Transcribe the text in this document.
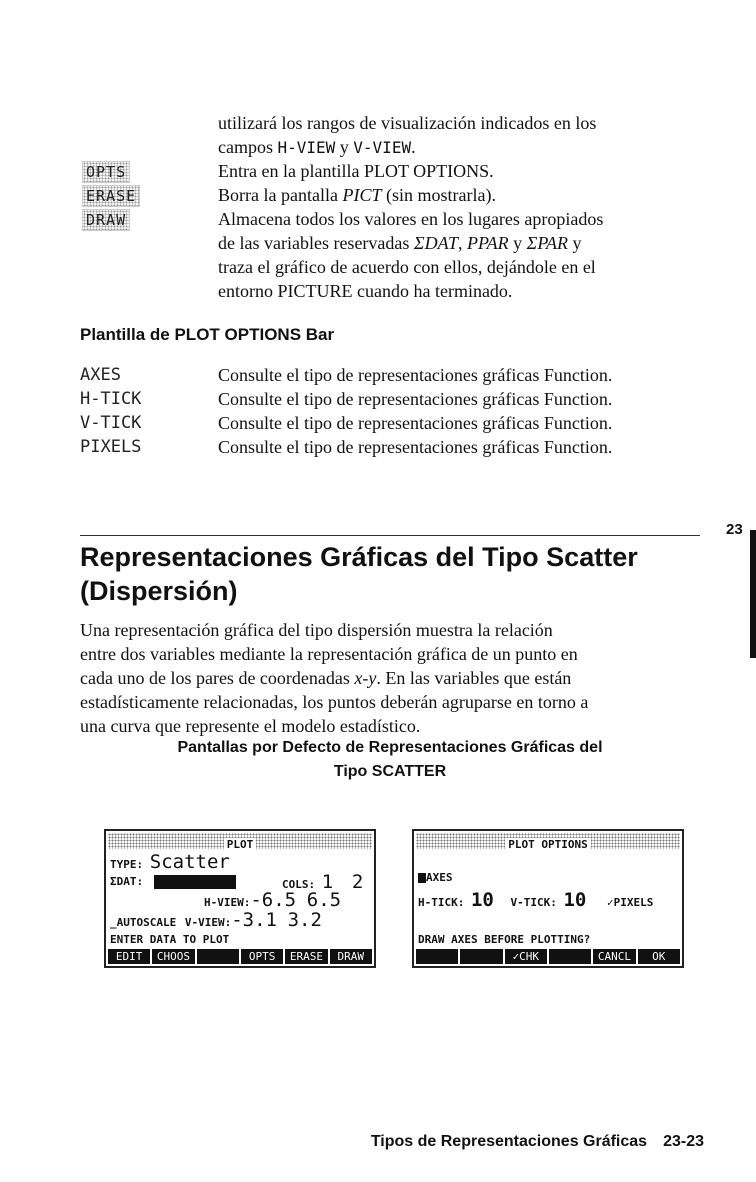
utilizará los rangos de visualización indicados en los
campos H-VIEW y V-VIEW.
OPTS	Entra en la plantilla PLOT OPTIONS.
ERASE	Borra la pantalla PICT (sin mostrarla).
DRAW	Almacena todos los valores en los lugares apropiados
de las variables reservadas ΣDAT, PPAR y ΣPAR y
traza el gráfico de acuerdo con ellos, dejándole en el
entorno PICTURE cuando ha terminado.
Plantilla de PLOT OPTIONS Bar
AXES	Consulte el tipo de representaciones gráficas Function.
H-TICK	Consulte el tipo de representaciones gráficas Function.
V-TICK	Consulte el tipo de representaciones gráficas Function.
PIXELS	Consulte el tipo de representaciones gráficas Function.
23
Representaciones Gráficas del Tipo Scatter
(Dispersión)
Una representación gráfica del tipo dispersión muestra la relación
entre dos variables mediante la representación gráfica de un punto en
cada uno de los pares de coordenadas x-y. En las variables que están
estadísticamente relacionadas, los puntos deberán agruparse en torno a
una curva que represente el modelo estadístico.
Pantallas por Defecto de Representaciones Gráficas del
Tipo SCATTER
PLOT
TYPE: Scatter
ΣDAT:	COLS: 1 2
H-VIEW:-6.5 6.5
_AUTOSCALE V-VIEW:-3.1 3.2
ENTER DATA TO PLOT
EDIT	CHOOS	OPTS	ERASE	DRAW
PLOT OPTIONS
AXES
H-TICK: 10 V-TICK: 10 ✓PIXELS
DRAW AXES BEFORE PLOTTING?
✓CHK	CANCL	OK
Tipos de Representaciones Gráficas 23-23
